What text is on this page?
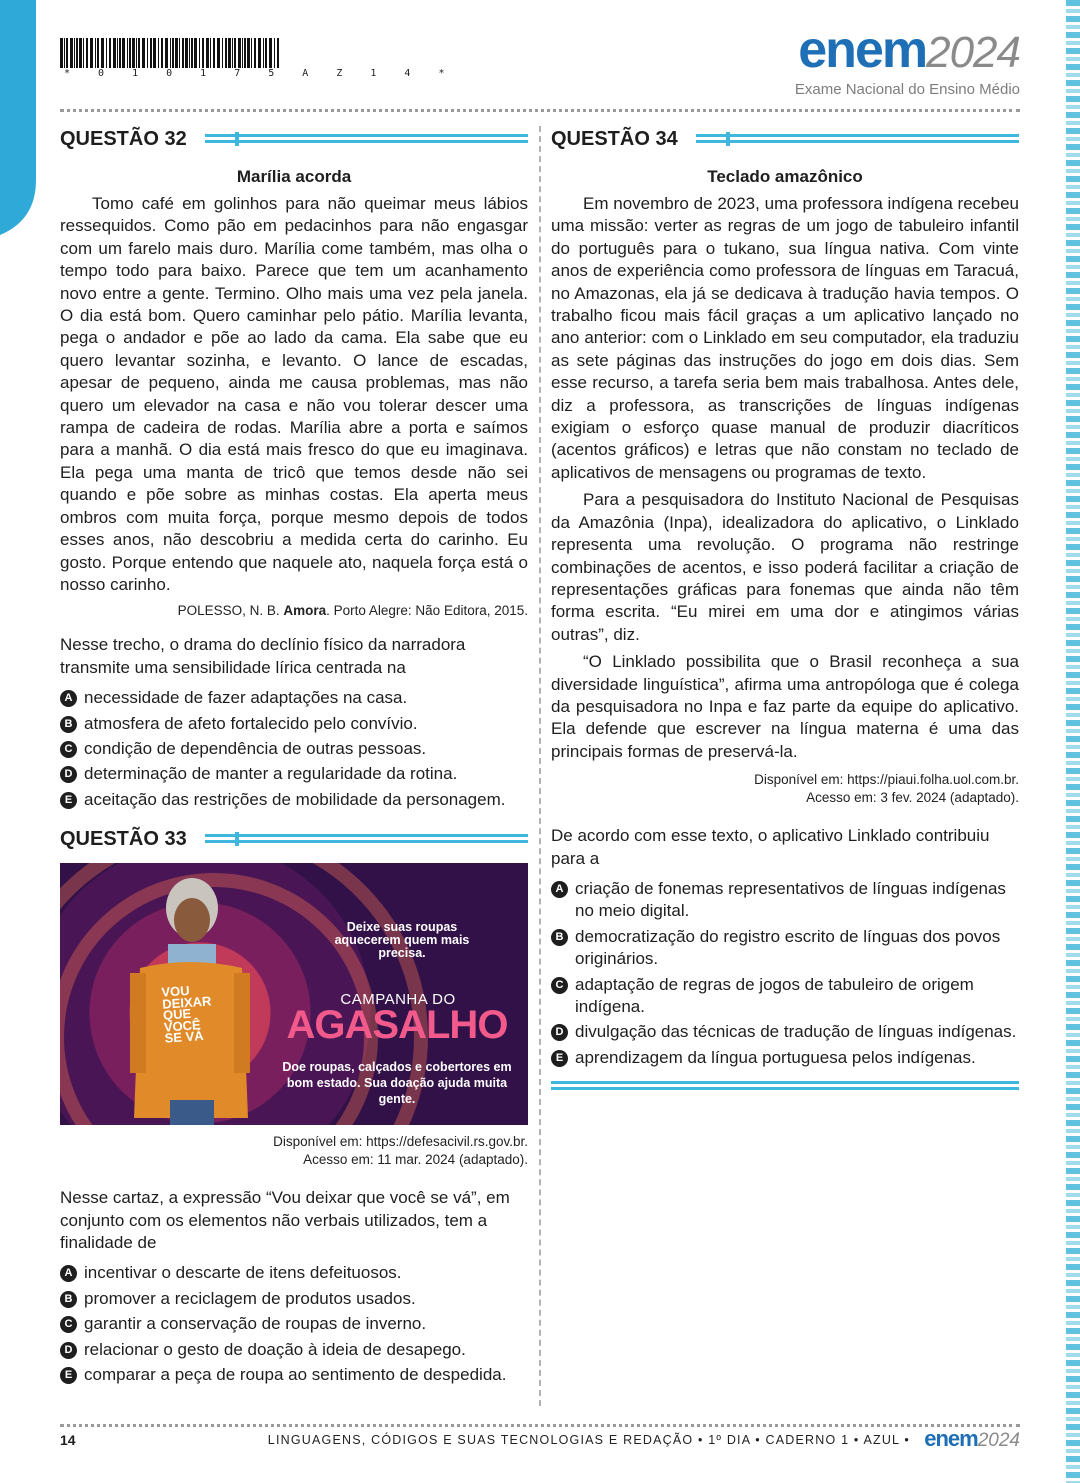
* 0 1 0 1 7 5 A Z 1 4 *	enem2024
Exame Nacional do Ensino Médio
QUESTÃO 32
Marília acorda

Tomo café em golinhos para não queimar meus lábios ressequidos. Como pão em pedacinhos para não engasgar com um farelo mais duro. Marília come também, mas olha o tempo todo para baixo. Parece que tem um acanhamento novo entre a gente. Termino. Olho mais uma vez pela janela. O dia está bom. Quero caminhar pelo pátio. Marília levanta, pega o andador e põe ao lado da cama. Ela sabe que eu quero levantar sozinha, e levanto. O lance de escadas, apesar de pequeno, ainda me causa problemas, mas não quero um elevador na casa e não vou tolerar descer uma rampa de cadeira de rodas. Marília abre a porta e saímos para a manhã. O dia está mais fresco do que eu imaginava. Ela pega uma manta de tricô que temos desde não sei quando e põe sobre as minhas costas. Ela aperta meus ombros com muita força, porque mesmo depois de todos esses anos, não descobriu a medida certa do carinho. Eu gosto. Porque entendo que naquele ato, naquela força está o nosso carinho.

POLESSO, N. B. Amora. Porto Alegre: Não Editora, 2015.

Nesse trecho, o drama do declínio físico da narradora transmite uma sensibilidade lírica centrada na

A necessidade de fazer adaptações na casa.
B atmosfera de afeto fortalecido pelo convívio.
C condição de dependência de outras pessoas.
D determinação de manter a regularidade da rotina.
E aceitação das restrições de mobilidade da personagem.
QUESTÃO 33
VOU DEIXAR QUE VOCÊ SE VÁ
Deixe suas roupas aquecerem quem mais precisa.
CAMPANHA DO
AGASALHO
Doe roupas, calçados e cobertores em bom estado. Sua doação ajuda muita gente.
Disponível em: https://defesacivil.rs.gov.br.
Acesso em: 11 mar. 2024 (adaptado).

Nesse cartaz, a expressão “Vou deixar que você se vá”, em conjunto com os elementos não verbais utilizados, tem a finalidade de

A incentivar o descarte de itens defeituosos.
B promover a reciclagem de produtos usados.
C garantir a conservação de roupas de inverno.
D relacionar o gesto de doação à ideia de desapego.
E comparar a peça de roupa ao sentimento de despedida.
QUESTÃO 34
Teclado amazônico

Em novembro de 2023, uma professora indígena recebeu uma missão: verter as regras de um jogo de tabuleiro infantil do português para o tukano, sua língua nativa. Com vinte anos de experiência como professora de línguas em Taracuá, no Amazonas, ela já se dedicava à tradução havia tempos. O trabalho ficou mais fácil graças a um aplicativo lançado no ano anterior: com o Linklado em seu computador, ela traduziu as sete páginas das instruções do jogo em dois dias. Sem esse recurso, a tarefa seria bem mais trabalhosa. Antes dele, diz a professora, as transcrições de línguas indígenas exigiam o esforço quase manual de produzir diacríticos (acentos gráficos) e letras que não constam no teclado de aplicativos de mensagens ou programas de texto.

Para a pesquisadora do Instituto Nacional de Pesquisas da Amazônia (Inpa), idealizadora do aplicativo, o Linklado representa uma revolução. O programa não restringe combinações de acentos, e isso poderá facilitar a criação de representações gráficas para fonemas que ainda não têm forma escrita. “Eu mirei em uma dor e atingimos várias outras”, diz.

“O Linklado possibilita que o Brasil reconheça a sua diversidade linguística”, afirma uma antropóloga que é colega da pesquisadora no Inpa e faz parte da equipe do aplicativo. Ela defende que escrever na língua materna é uma das principais formas de preservá-la.

Disponível em: https://piaui.folha.uol.com.br.
Acesso em: 3 fev. 2024 (adaptado).

De acordo com esse texto, o aplicativo Linklado contribuiu para a

A criação de fonemas representativos de línguas indígenas no meio digital.
B democratização do registro escrito de línguas dos povos originários.
C adaptação de regras de jogos de tabuleiro de origem indígena.
D divulgação das técnicas de tradução de línguas indígenas.
E aprendizagem da língua portuguesa pelos indígenas.
14	LINGUAGENS, CÓDIGOS E SUAS TECNOLOGIAS E REDAÇÃO • 1º DIA • CADERNO 1 • AZUL • enem2024
